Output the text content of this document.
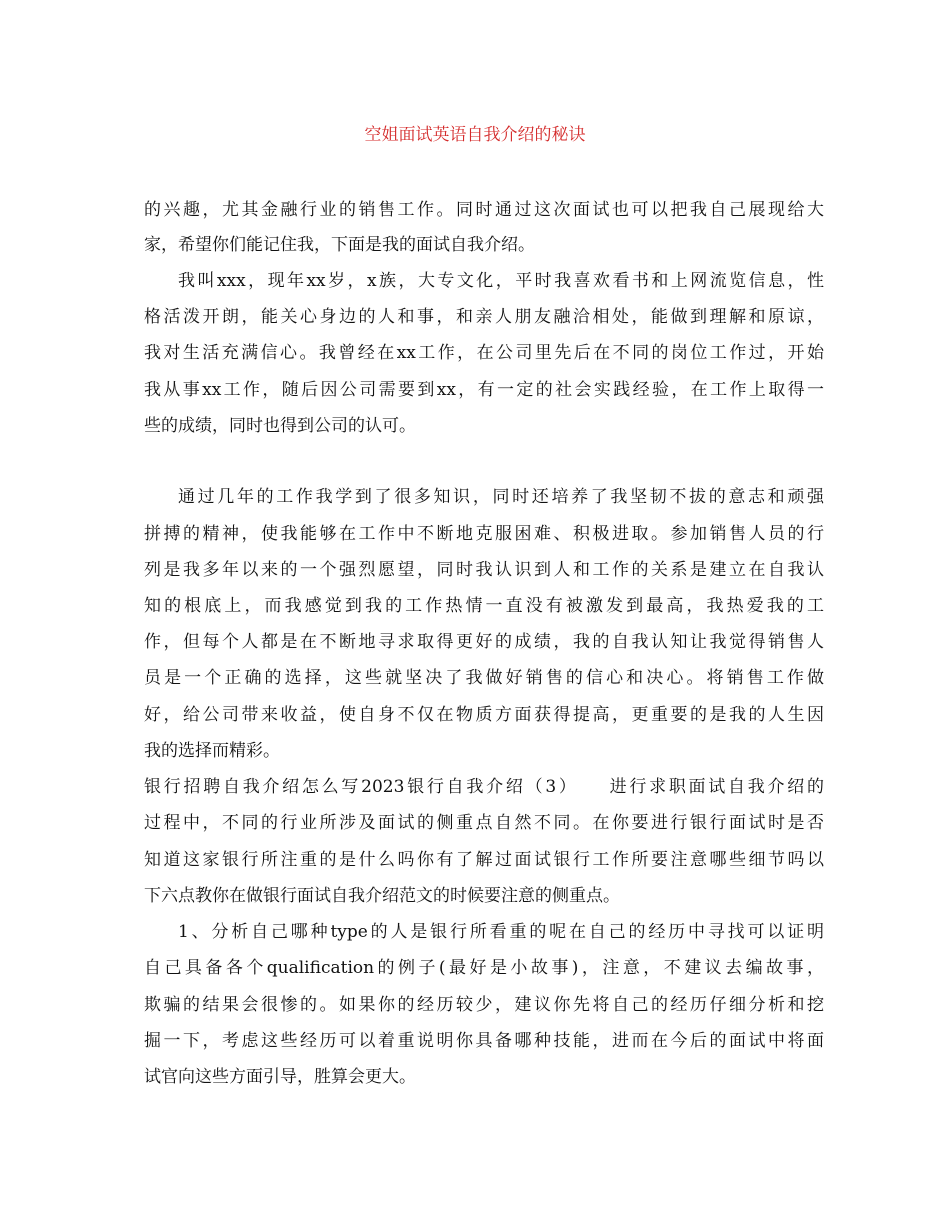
空姐面试英语自我介绍的秘诀
的兴趣，尤其金融行业的销售工作。同时通过这次面试也可以把我自己展现给大
家，希望你们能记住我，下面是我的面试自我介绍。
我叫xxx，现年xx岁，x族，大专文化，平时我喜欢看书和上网流览信息，性
格活泼开朗，能关心身边的人和事，和亲人朋友融洽相处，能做到理解和原谅，
我对生活充满信心。我曾经在xx工作，在公司里先后在不同的岗位工作过，开始
我从事xx工作，随后因公司需要到xx，有一定的社会实践经验，在工作上取得一
些的成绩，同时也得到公司的认可。
通过几年的工作我学到了很多知识，同时还培养了我坚韧不拔的意志和顽强
拼搏的精神，使我能够在工作中不断地克服困难、积极进取。参加销售人员的行
列是我多年以来的一个强烈愿望，同时我认识到人和工作的关系是建立在自我认
知的根底上，而我感觉到我的工作热情一直没有被激发到最高，我热爱我的工
作，但每个人都是在不断地寻求取得更好的成绩，我的自我认知让我觉得销售人
员是一个正确的选择，这些就坚决了我做好销售的信心和决心。将销售工作做
好，给公司带来收益，使自身不仅在物质方面获得提高，更重要的是我的人生因
我的选择而精彩。
银行招聘自我介绍怎么写2023银行自我介绍（3）　　进行求职面试自我介绍的
过程中，不同的行业所涉及面试的侧重点自然不同。在你要进行银行面试时是否
知道这家银行所注重的是什么吗你有了解过面试银行工作所要注意哪些细节吗以
下六点教你在做银行面试自我介绍范文的时候要注意的侧重点。
1、分析自己哪种type的人是银行所看重的呢在自己的经历中寻找可以证明
自己具备各个qualification的例子(最好是小故事)，注意，不建议去编故事，
欺骗的结果会很惨的。如果你的经历较少，建议你先将自己的经历仔细分析和挖
掘一下，考虑这些经历可以着重说明你具备哪种技能，进而在今后的面试中将面
试官向这些方面引导，胜算会更大。
